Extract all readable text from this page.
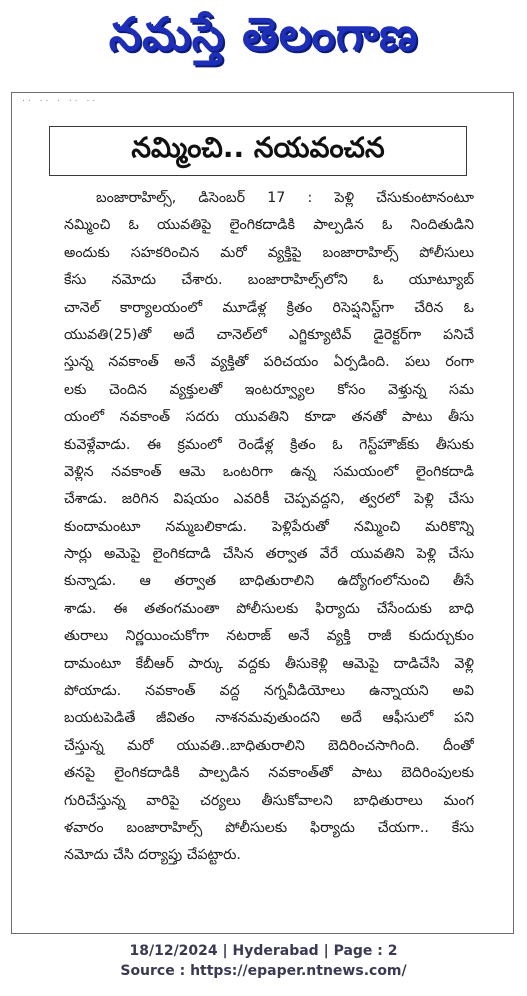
నమస్తే తెలంగాణ
.. .. . .. ..
నమ్మించి.. నయవంచన

బంజారాహిల్స్, డిసెంబర్ 17 : పెళ్లి చేసుకుంటానంటూ

నమ్మించి ఓ యువతిపై లైంగికదాడికి పాల్పడిన ఓ నిందితుడిని

అందుకు సహకరించిన మరో వ్యక్తిపై బంజారాహిల్స్ పోలీసులు

కేసు నమోదు చేశారు. బంజారాహిల్స్‌లోని ఓ యూట్యూబ్

చానెల్ కార్యాలయంలో మూడేళ్ల క్రితం రిసెప్షనిస్ట్‌గా చేరిన ఓ

యువతి(25)తో అదే చానెల్‌లో ఎగ్జిక్యూటివ్ డైరెక్టర్‌గా పనిచే

స్తున్న నవకాంత్ అనే వ్యక్తితో పరిచయం ఏర్పడింది. పలు రంగా

లకు చెందిన వ్యక్తులతో ఇంటర్వ్యూల కోసం వెళ్తున్న సమ

యంలో నవకాంత్ సదరు యువతిని కూడా తనతో పాటు తీసు

కువెళ్లేవాడు. ఈ క్రమంలో రెండేళ్ల క్రితం ఓ గెస్ట్‌హౌజ్‌కు తీసుకు

వెళ్లిన నవకాంత్ ఆమె ఒంటరిగా ఉన్న సమయంలో లైంగికదాడి

చేశాడు. జరిగిన విషయం ఎవరికీ చెప్పవద్దని, త్వరలో పెళ్లి చేసు

కుందామంటూ నమ్మబలికాడు. పెళ్లిపేరుతో నమ్మించి మరికొన్ని

సార్లు అమెపై లైంగికదాడి చేసిన తర్వాత వేరే యువతిని పెళ్లి చేసు

కున్నాడు. ఆ తర్వాత బాధితురాలిని ఉద్యోగంలోనుంచి తీసే

శాడు. ఈ తతంగమంతా పోలీసులకు ఫిర్యాదు చేసేందుకు బాధి

తురాలు నిర్ణయించుకోగా నటరాజ్ అనే వ్యక్తి రాజీ కుదుర్చుకుం

దామంటూ కేబీఆర్ పార్కు వద్దకు తీసుకెళ్లి ఆమెపై దాడిచేసి వెళ్లి

పోయాడు. నవకాంత్ వద్ద నగ్నవీడియోలు ఉన్నాయని అవి

బయటపెడితే జీవితం నాశనమవుతుందని అదే ఆఫీసులో పని

చేస్తున్న మరో యువతి..బాధితురాలిని బెదిరించసాగింది. దీంతో

తనపై లైంగికదాడికి పాల్పడిన నవకాంత్‌తో పాటు బెదిరింపులకు

గురిచేస్తున్న వారిపై చర్యలు తీసుకోవాలని బాధితురాలు మంగ

ళవారం బంజారాహిల్స్ పోలీసులకు ఫిర్యాదు చేయగా.. కేసు

నమోదు చేసి దర్యాప్తు చేపట్టారు.

18/12/2024 | Hyderabad | Page : 2
Source : https://epaper.ntnews.com/
